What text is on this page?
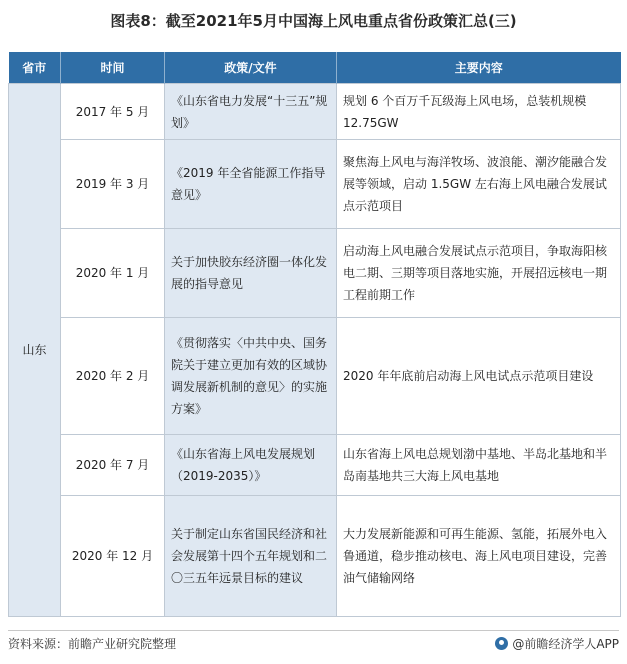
图表8：截至2021年5月中国海上风电重点省份政策汇总(三)
省市	时间	政策/文件	主要内容
山东	2017 年 5 月	《山东省电力发展“十三五”规划》	规划 6 个百万千瓦级海上风电场，总装机规模 12.75GW
	2019 年 3 月	《2019 年全省能源工作指导意见》	聚焦海上风电与海洋牧场、波浪能、潮汐能融合发展等领域，启动 1.5GW 左右海上风电融合发展试点示范项目
	2020 年 1 月	关于加快胶东经济圈一体化发展的指导意见	启动海上风电融合发展试点示范项目，争取海阳核电二期、三期等项目落地实施，开展招远核电一期工程前期工作
	2020 年 2 月	《贯彻落实〈中共中央、国务院关于建立更加有效的区域协调发展新机制的意见〉的实施方案》	2020 年年底前启动海上风电试点示范项目建设
	2020 年 7 月	《山东省海上风电发展规划（2019-2035）》	山东省海上风电总规划渤中基地、半岛北基地和半岛南基地共三大海上风电基地
	2020 年 12 月	关于制定山东省国民经济和社会发展第十四个五年规划和二〇三五年远景目标的建议	大力发展新能源和可再生能源、氢能，拓展外电入鲁通道，稳步推动核电、海上风电项目建设，完善油气储输网络
资料来源：前瞻产业研究院整理	@前瞻经济学人APP
